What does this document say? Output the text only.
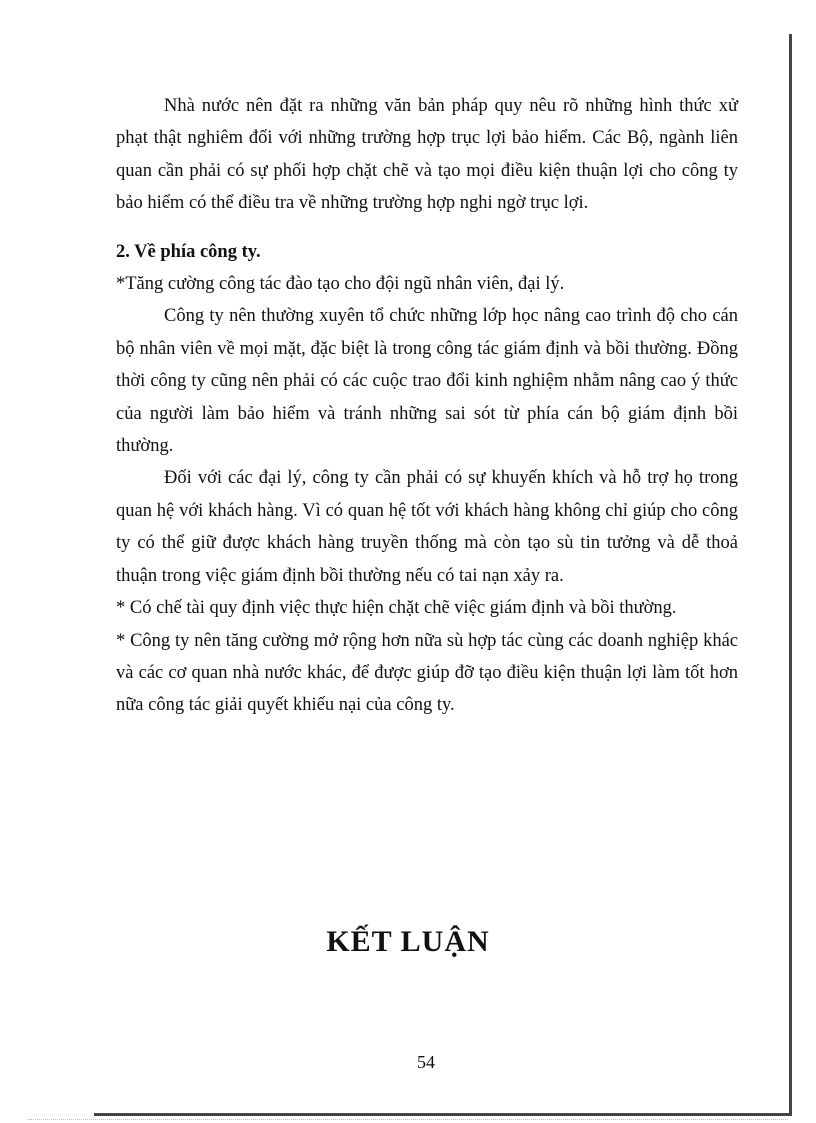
Nhà nước nên đặt ra những văn bản pháp quy nêu rõ những hình thức xử phạt thật nghiêm đối với những trường hợp trục lợi bảo hiểm. Các Bộ, ngành liên quan cần phải có sự phối hợp chặt chẽ và tạo mọi điều kiện thuận lợi cho công ty bảo hiểm có thể điều tra về những trường hợp nghi ngờ trục lợi.

2. Về phía công ty.

*Tăng cường công tác đào tạo cho đội ngũ nhân viên, đại lý.

Công ty nên thường xuyên tổ chức những lớp học nâng cao trình độ cho cán bộ nhân viên về mọi mặt, đặc biệt là trong công tác giám định và bồi thường. Đồng thời công ty cũng nên phải có các cuộc trao đổi kinh nghiệm nhằm nâng cao ý thức của người làm bảo hiểm và tránh những sai sót từ phía cán bộ giám định bồi thường.

Đối với các đại lý, công ty cần phải có sự khuyến khích và hỗ trợ họ trong quan hệ với khách hàng. Vì có quan hệ tốt với khách hàng không chỉ giúp cho công ty có thể giữ được khách hàng truyền thống mà còn tạo sù tin tưởng và dễ thoả thuận trong việc giám định bồi thường nếu có tai nạn xảy ra.

* Có chế tài quy định việc thực hiện chặt chẽ việc giám định và bồi thường.

* Công ty nên tăng cường mở rộng hơn nữa sù hợp tác cùng các doanh nghiệp khác và các cơ quan nhà nước khác, để được giúp đỡ tạo điều kiện thuận lợi làm tốt hơn nữa công tác giải quyết khiếu nại của công ty.

KẾT LUẬN
54
